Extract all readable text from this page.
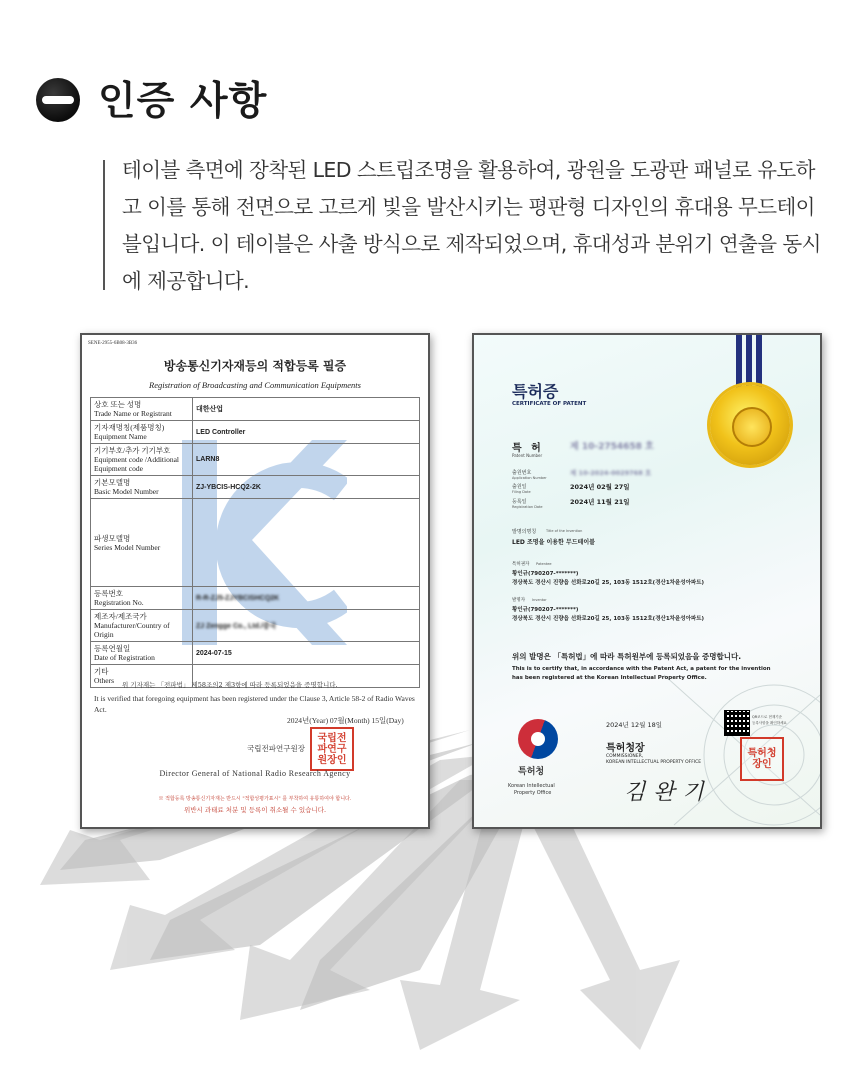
인증 사항

테이블 측면에 장착된 LED 스트립조명을 활용하여, 광원을 도광판 패널로 유도하고 이를 통해 전면으로 고르게 빛을 발산시키는 평판형 디자인의 휴대용 무드테이블입니다. 이 테이블은 사출 방식으로 제작되었으며, 휴대성과 분위기 연출을 동시에 제공합니다.

SENE-2955-6B08-3B36

방송통신기자재등의 적합등록 필증

Registration of Broadcasting and Communication Equipments

상호 또는 성명
Trade Name or Registrant	대한산업

기자재명칭(제품명칭)
Equipment Name	LED Controller

기기부호/추가 기기부호
Equipment code /Additional Equipment code	LARN8

기본모델명
Basic Model Number	ZJ-YBCIS-HCQ2-2K

파생모델명
Series Model Number	

등록번호
Registration No.	R-R-ZJ5-ZJYBCISHCQ2K

제조자/제조국가
Manufacturer/Country of Origin	ZJ Zengge Co., Ltd./중국

등록연월일
Date of Registration	2024-07-15

기타
Others	
		위 기자재는 「전파법」 제58조의2 제3항에 따라 등록되었음을 증명합니다.

It is verified that foregoing equipment has been registered under the Clause 3, Article 58-2 of Radio Waves Act.

2024년(Year) 07월(Month) 15일(Day)

국립전파연구원장

국립전파연구원장인

Director General of National Radio Research Agency

※ 적합등록 방송통신기자재는 반드시 "적합성평가표시" 를 부착하여 유통하여야 합니다.

위반시 과태료 처분 및 등록이 취소될 수 있습니다.

특허증

CERTIFICATE OF PATENT

특 허

Patent Number

제 10-2754658 호

출원번호

Application Number

제 10-2024-0029768 호

출원일

Filing Date

2024년 02월 27일

등록일

Registration Date

2024년 11월 21일

발명의명칭	Title of the Invention

LED 조명을 이용한 무드테이블

특허권자 Patentee

황인규(790207-*******)

경상북도 경산시 진량읍 선화로20길 25, 103동 1512호(경산1차윤성아파트)

발명자 Inventor

황인규(790207-*******)

경상북도 경산시 진량읍 선화로20길 25, 103동 1512호(경산1차윤성아파트)

위의 발명은 「특허법」에 따라 특허원부에 등록되었음을 증명합니다.

This is to certify that, in accordance with the Patent Act, a patent for the invention

has been registered at the Korean Intellectual Property Office.

2024년 12월 18일

QR코드로 현재기준

등록사항을 확인하세요

특허청장

COMMISSIONER,

KOREAN INTELLECTUAL PROPERTY OFFICE

특허청

Korean Intellectual

Property Office	김완기

특허청장인
